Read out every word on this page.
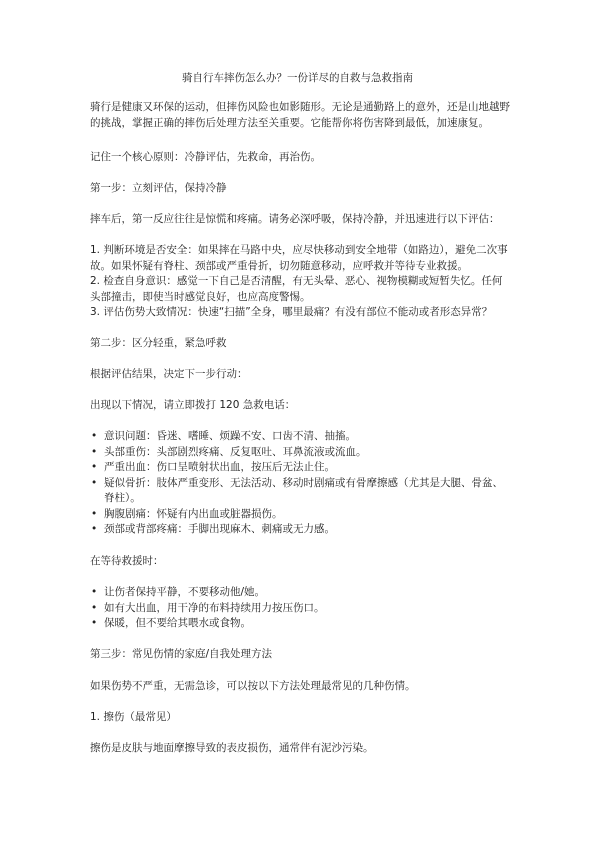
骑自行车摔伤怎么办？一份详尽的自救与急救指南
骑行是健康又环保的运动，但摔伤风险也如影随形。无论是通勤路上的意外，还是山地越野的挑战，掌握正确的摔伤后处理方法至关重要。它能帮你将伤害降到最低，加速康复。
记住一个核心原则：冷静评估，先救命，再治伤。
第一步：立刻评估，保持冷静
摔车后，第一反应往往是惊慌和疼痛。请务必深呼吸，保持冷静，并迅速进行以下评估：
1. 判断环境是否安全：如果摔在马路中央，应尽快移动到安全地带（如路边），避免二次事故。如果怀疑有脊柱、颈部或严重骨折，切勿随意移动，应呼救并等待专业救援。
2. 检查自身意识：感觉一下自己是否清醒，有无头晕、恶心、视物模糊或短暂失忆。任何头部撞击，即使当时感觉良好，也应高度警惕。
3. 评估伤势大致情况：快速“扫描”全身，哪里最痛？有没有部位不能动或者形态异常？
第二步：区分轻重，紧急呼救
根据评估结果，决定下一步行动：
出现以下情况，请立即拨打 120 急救电话：
• 意识问题：昏迷、嗜睡、烦躁不安、口齿不清、抽搐。
• 头部重伤：头部剧烈疼痛、反复呕吐、耳鼻流液或流血。
• 严重出血：伤口呈喷射状出血，按压后无法止住。
• 疑似骨折：肢体严重变形、无法活动、移动时剧痛或有骨摩擦感（尤其是大腿、骨盆、脊柱）。
• 胸腹剧痛：怀疑有内出血或脏器损伤。
• 颈部或背部疼痛：手脚出现麻木、刺痛或无力感。
在等待救援时：
• 让伤者保持平静，不要移动他/她。
• 如有大出血，用干净的布料持续用力按压伤口。
• 保暖，但不要给其喂水或食物。
第三步：常见伤情的家庭/自我处理方法
如果伤势不严重，无需急诊，可以按以下方法处理最常见的几种伤情。
1. 擦伤（最常见）
擦伤是皮肤与地面摩擦导致的表皮损伤，通常伴有泥沙污染。
